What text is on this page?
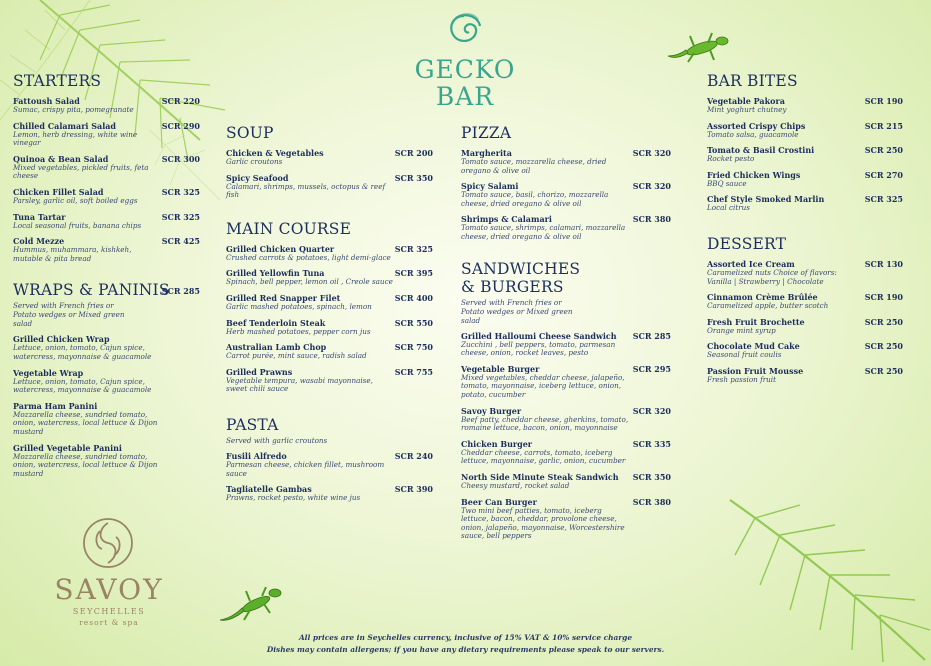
GECKO
BAR
SAVOY
SEYCHELLES
resort & spa
STARTERS
Fattoush Salad	SCR 220
Sumac, crispy pita, pomegranate
Chilled Calamari Salad	SCR 290
Lemon, herb dressing, white wine vinegar
Quinoa & Bean Salad	SCR 300
Mixed vegetables, pickled fruits, feta cheese
Chicken Fillet Salad	SCR 325
Parsley, garlic oil, soft boiled eggs
Tuna Tartar	SCR 325
Local seasonal fruits, banana chips
Cold Mezze	SCR 425
Hummus, muhammara, kishkeh, mutable & pita bread
WRAPS & PANINIS
SCR 285
Served with French fries or Potato wedges or Mixed green salad
Grilled Chicken Wrap
Lettuce, onion, tomato, Cajun spice, watercress, mayonnaise & guacamole
Vegetable Wrap
Lettuce, onion, tomato, Cajun spice, watercress, mayonnaise & guacamole
Parma Ham Panini
Mozzarella cheese, sundried tomato, onion, watercress, local lettuce & Dijon mustard
Grilled Vegetable Panini
Mozzarella cheese, sundried tomato, onion, watercress, local lettuce & Dijon mustard
SOUP
Chicken & Vegetables	SCR 200
Garlic croutons
Spicy Seafood	SCR 350
Calamari, shrimps, mussels, octopus & reef fish
MAIN COURSE
Grilled Chicken Quarter	SCR 325
Crushed carrots & potatoes, light demi-glace
Grilled Yellowfin Tuna	SCR 395
Spinach, bell pepper, lemon oil , Creole sauce
Grilled Red Snapper Filet	SCR 400
Garlic mashed potatoes, spinach, lemon
Beef Tenderloin Steak	SCR 550
Herb mashed potatoes, pepper corn jus
Australian Lamb Chop	SCR 750
Carrot purée, mint sauce, radish salad
Grilled Prawns	SCR 755
Vegetable tempura, wasabi mayonnaise, sweet chili sauce
PASTA
Served with garlic croutons
Fusili Alfredo	SCR 240
Parmesan cheese, chicken fillet, mushroom sauce
Tagliatelle Gambas	SCR 390
Prawns, rocket pesto, white wine jus
PIZZA
Margherita	SCR 320
Tomato sauce, mozzarella cheese, dried oregano & olive oil
Spicy Salami	SCR 320
Tomato sauce, basil, chorizo, mozzarella cheese, dried oregano & olive oil
Shrimps & Calamari	SCR 380
Tomato sauce, shrimps, calamari, mozzarella cheese, dried oregano & olive oil
SANDWICHES
& BURGERS
Served with French fries or Potato wedges or Mixed green salad
Grilled Halloumi Cheese Sandwich	SCR 285
Zucchini , bell peppers, tomato, parmesan cheese, onion, rocket leaves, pesto
Vegetable Burger	SCR 295
Mixed vegetables, cheddar cheese, jalapeño, tomato, mayonnaise, iceberg lettuce, onion, potato, cucumber
Savoy Burger	SCR 320
Beef patty, cheddar cheese, gherkins, tomato, romaine lettuce, bacon, onion, mayonnaise
Chicken Burger	SCR 335
Cheddar cheese, carrots, tomato, iceberg lettuce, mayonnaise, garlic, onion, cucumber
North Side Minute Steak Sandwich	SCR 350
Cheesy mustard, rocket salad
Beer Can Burger	SCR 380
Two mini beef patties, tomato, iceberg lettuce, bacon, cheddar, provolone cheese, onion, jalapeño, mayonnaise, Worcestershire sauce, bell peppers
BAR BITES
Vegetable Pakora	SCR 190
Mint yoghurt chutney
Assorted Crispy Chips	SCR 215
Tomato salsa, guacamole
Tomato & Basil Crostini	SCR 250
Rocket pesto
Fried Chicken Wings	SCR 270
BBQ sauce
Chef Style Smoked Marlin	SCR 325
Local citrus
DESSERT
Assorted Ice Cream	SCR 130
Caramelized nuts Choice of flavors: Vanilla | Strawberry | Chocolate
Cinnamon Crème Brûlée	SCR 190
Caramelized apple, butter scotch
Fresh Fruit Brochette	SCR 250
Orange mint syrup
Chocolate Mud Cake	SCR 250
Seasonal fruit coulis
Passion Fruit Mousse	SCR 250
Fresh passion fruit
All prices are in Seychelles currency, inclusive of 15% VAT & 10% service charge
Dishes may contain allergens; if you have any dietary requirements please speak to our servers.
